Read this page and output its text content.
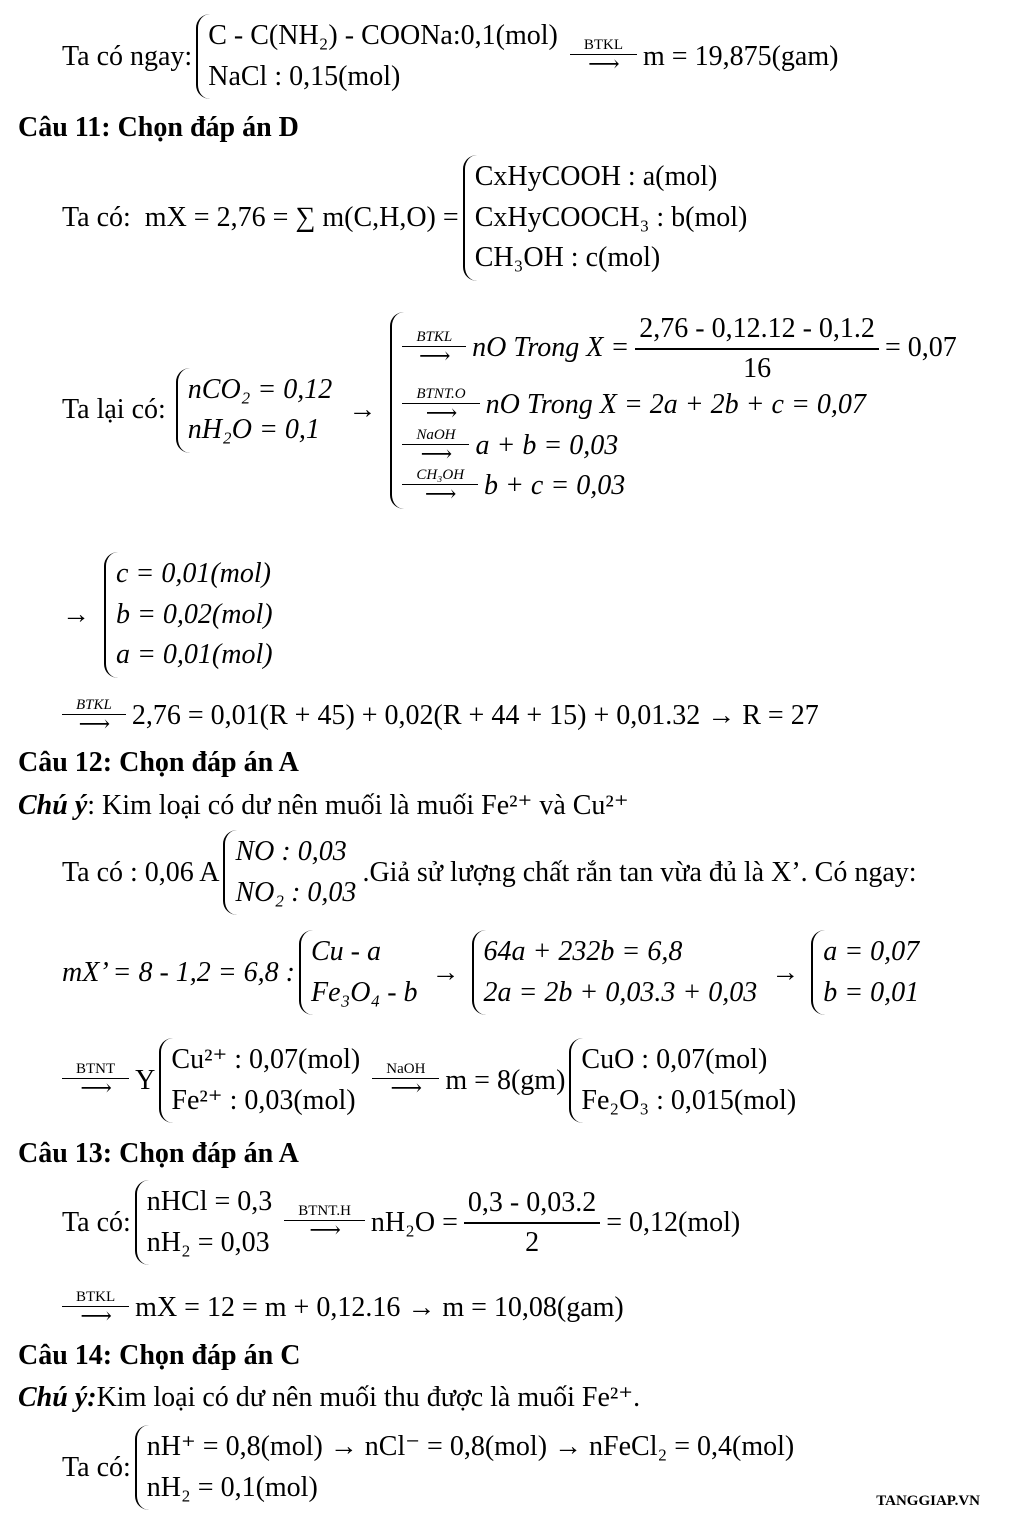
Ta có ngay:
C - C(NH₂) - COONa:0,1(mol)
NaCl : 0,15(mol)
BTKL
⟶ m = 19,875(gam)
Câu 11: Chọn đáp án D
Ta có: mX = 2,76 = ∑ m(C,H,O) =
CxHyCOOH : a(mol)
CxHyCOOCH₃ : b(mol)
CH₃OH : c(mol)
Ta lại có:
nCO₂ = 0,12
nH₂O = 0,1
→
BTKL
⟶ nO Trong $X = \frac{2,76 - 0,12.12 - 0,1.2}{16} = 0,07$
BTNT.O
⟶ nO Trong X = 2a + 2b + c = 0,07
NaOH
⟶ a + b = 0,03
CH₃OH
⟶ b + c = 0,03
→
c = 0,01(mol)
b = 0,02(mol)
a = 0,01(mol)
BTKL
⟶ 2,76 = 0,01(R + 45) + 0,02(R + 44 + 15) + 0,01.32 → R = 27
Câu 12: Chọn đáp án A
Chú ý : Kim loại có dư nên muối là muối Fe²⁺ và Cu²⁺
Ta có : 0,06 A
NO : 0,03
NO₂ : 0,03
.Giả sử lượng chất rắn tan vừa đủ là X’. Có ngay:
mX’ = 8 - 1,2 = 6,8 :
Cu - a
Fe₃O₄ - b
→
64a + 232b = 6,8
2a = 2b + 0,03.3 + 0,03
→
a = 0,07
b = 0,01
BTNT
⟶ Y
Cu²⁺ : 0,07(mol)
Fe²⁺ : 0,03(mol)
NaOH
⟶ m = 8(gm)
CuO : 0,07(mol)
Fe₂O₃ : 0,015(mol)
Câu 13: Chọn đáp án A
Ta có:
nHCl = 0,3
nH₂ = 0,03
BTNT.H
⟶ $nH_2O = \frac{0,3 - 0,03.2}{2} = 0,12(mol)$
BTKL
⟶ mX = 12 = m + 0,12.16 → m = 10,08(gam)
Câu 14: Chọn đáp án C
Chú ý: Kim loại có dư nên muối thu được là muối Fe²⁺.
Ta có:
nH⁺ = 0,8(mol) → nCl⁻ = 0,8(mol) → nFeCl₂ = 0,4(mol)
nH₂ = 0,1(mol)	TANGGIAP.VN
